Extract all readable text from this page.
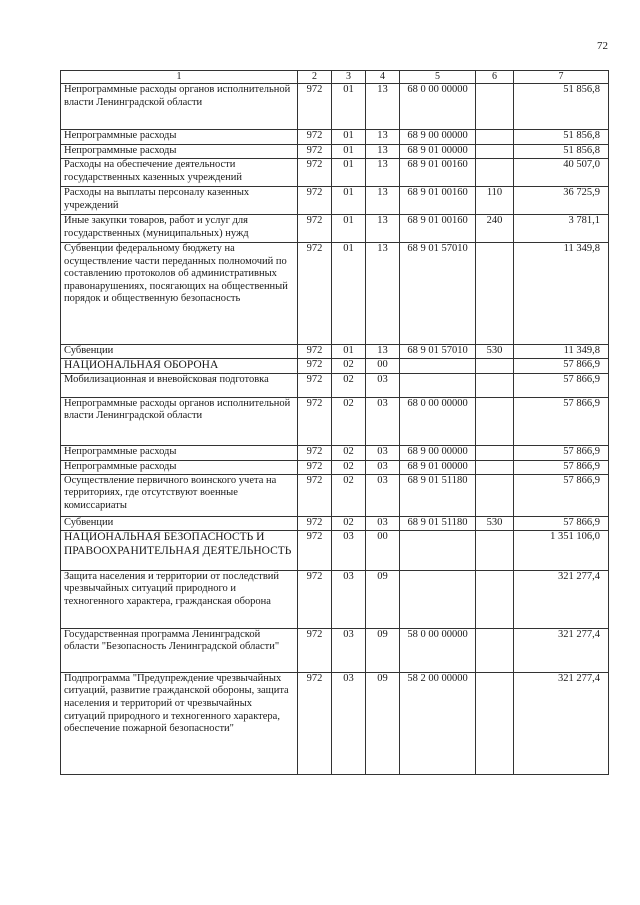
72
1	2	3	4	5	6	7
Непрограммные расходы органов исполнительной власти Ленинградской области	972	01	13	68 0 00 00000		51 856,8
Непрограммные расходы	972	01	13	68 9 00 00000		51 856,8
Непрограммные расходы	972	01	13	68 9 01 00000		51 856,8
Расходы на обеспечение деятельности государственных казенных учреждений	972	01	13	68 9 01 00160		40 507,0
Расходы на выплаты персоналу казенных учреждений	972	01	13	68 9 01 00160	110	36 725,9
Иные закупки товаров, работ и услуг для государственных (муниципальных) нужд	972	01	13	68 9 01 00160	240	3 781,1
Субвенции федеральному бюджету на осуществление части переданных полномочий по составлению протоколов об административных правонарушениях, посягающих на общественный порядок и общественную безопасность	972	01	13	68 9 01 57010		11 349,8
Субвенции	972	01	13	68 9 01 57010	530	11 349,8
НАЦИОНАЛЬНАЯ ОБОРОНА	972	02	00			57 866,9
Мобилизационная и вневойсковая подготовка	972	02	03			57 866,9
Непрограммные расходы органов исполнительной власти Ленинградской области	972	02	03	68 0 00 00000		57 866,9
Непрограммные расходы	972	02	03	68 9 00 00000		57 866,9
Непрограммные расходы	972	02	03	68 9 01 00000		57 866,9
Осуществление первичного воинского учета на территориях, где отсутствуют военные комиссариаты	972	02	03	68 9 01 51180		57 866,9
Субвенции	972	02	03	68 9 01 51180	530	57 866,9
НАЦИОНАЛЬНАЯ БЕЗОПАСНОСТЬ И ПРАВООХРАНИТЕЛЬНАЯ ДЕЯТЕЛЬНОСТЬ	972	03	00			1 351 106,0
Защита населения и территории от последствий чрезвычайных ситуаций природного и техногенного характера, гражданская оборона	972	03	09			321 277,4
Государственная программа Ленинградской области "Безопасность Ленинградской области"	972	03	09	58 0 00 00000		321 277,4
Подпрограмма "Предупреждение чрезвычайных ситуаций, развитие гражданской обороны, защита населения и территорий от чрезвычайных ситуаций природного и техногенного характера, обеспечение пожарной безопасности"	972	03	09	58 2 00 00000		321 277,4
